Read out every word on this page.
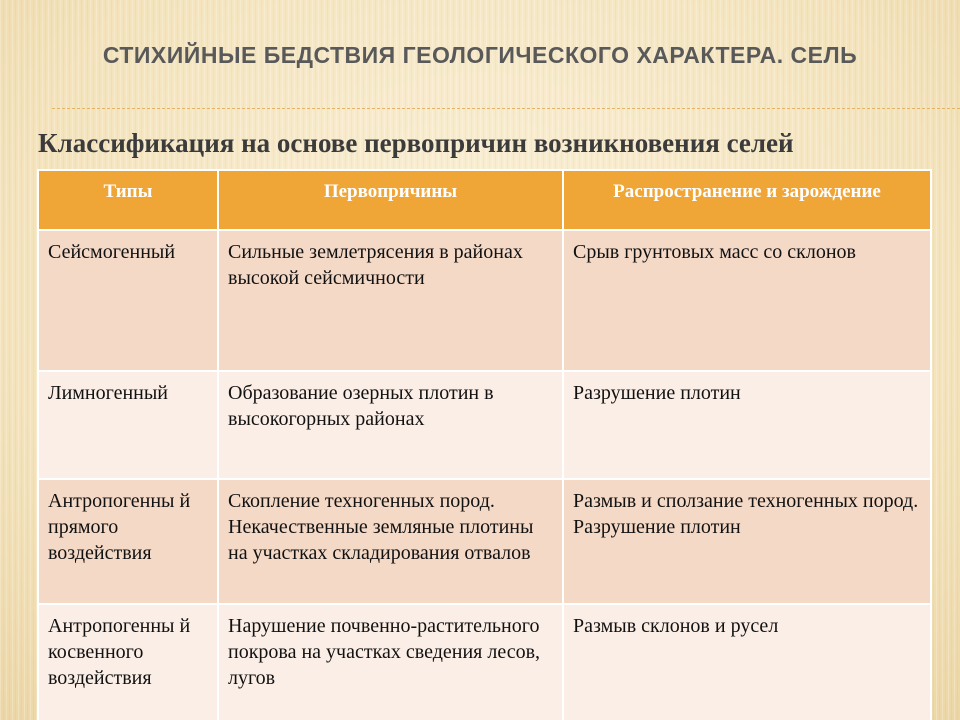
СТИХИЙНЫЕ БЕДСТВИЯ ГЕОЛОГИЧЕСКОГО ХАРАКТЕРА. СЕЛЬ
Классификация на основе первопричин возникновения селей
Типы	Первопричины	Распространение и зарождение
Сейсмогенный	Сильные землетрясения в районах высокой сейсмичности	Срыв грунтовых масс со склонов
Лимногенный	Образование озерных плотин в высокогорных районах	Разрушение плотин
Антропогенны й прямого воздействия	Скопление техногенных пород. Некачественные земляные плотины на участках складирования отвалов	Размыв и сползание техногенных пород. Разрушение плотин
Антропогенны й косвенного воздействия	Нарушение почвенно-растительного покрова на участках сведения лесов, лугов	Размыв склонов и русел
